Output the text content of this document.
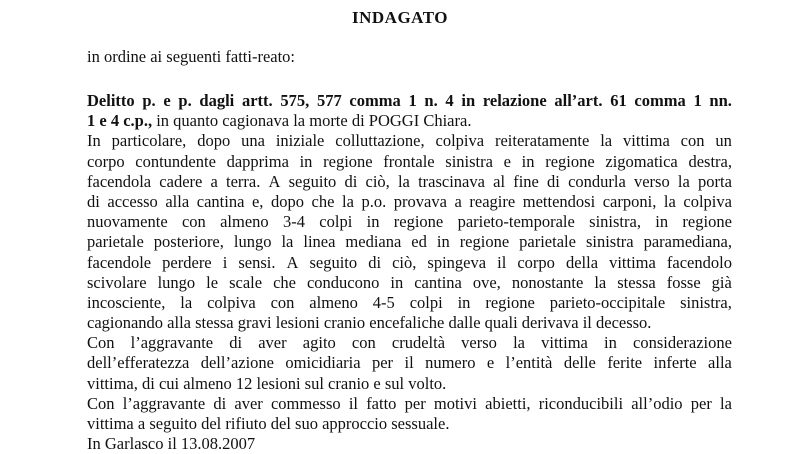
INDAGATO
in ordine ai seguenti fatti-reato:
Delitto p. e p. dagli artt. 575, 577 comma 1 n. 4 in relazione all’art. 61 comma 1 nn.
1 e 4 c.p., in quanto cagionava la morte di POGGI Chiara.
In particolare, dopo una iniziale colluttazione, colpiva reiteratamente la vittima con un
corpo contundente dapprima in regione frontale sinistra e in regione zigomatica destra,
facendola cadere a terra. A seguito di ciò, la trascinava al fine di condurla verso la porta
di accesso alla cantina e, dopo che la p.o. provava a reagire mettendosi carponi, la colpiva
nuovamente con almeno 3-4 colpi in regione parieto-temporale sinistra, in regione
parietale posteriore, lungo la linea mediana ed in regione parietale sinistra paramediana,
facendole perdere i sensi. A seguito di ciò, spingeva il corpo della vittima facendolo
scivolare lungo le scale che conducono in cantina ove, nonostante la stessa fosse già
incosciente, la colpiva con almeno 4-5 colpi in regione parieto-occipitale sinistra,
cagionando alla stessa gravi lesioni cranio encefaliche dalle quali derivava il decesso.
Con l’aggravante di aver agito con crudeltà verso la vittima in considerazione
dell’efferatezza dell’azione omicidiaria per il numero e l’entità delle ferite inferte alla
vittima, di cui almeno 12 lesioni sul cranio e sul volto.
Con l’aggravante di aver commesso il fatto per motivi abietti, riconducibili all’odio per la
vittima a seguito del rifiuto del suo approccio sessuale.
In Garlasco il 13.08.2007
